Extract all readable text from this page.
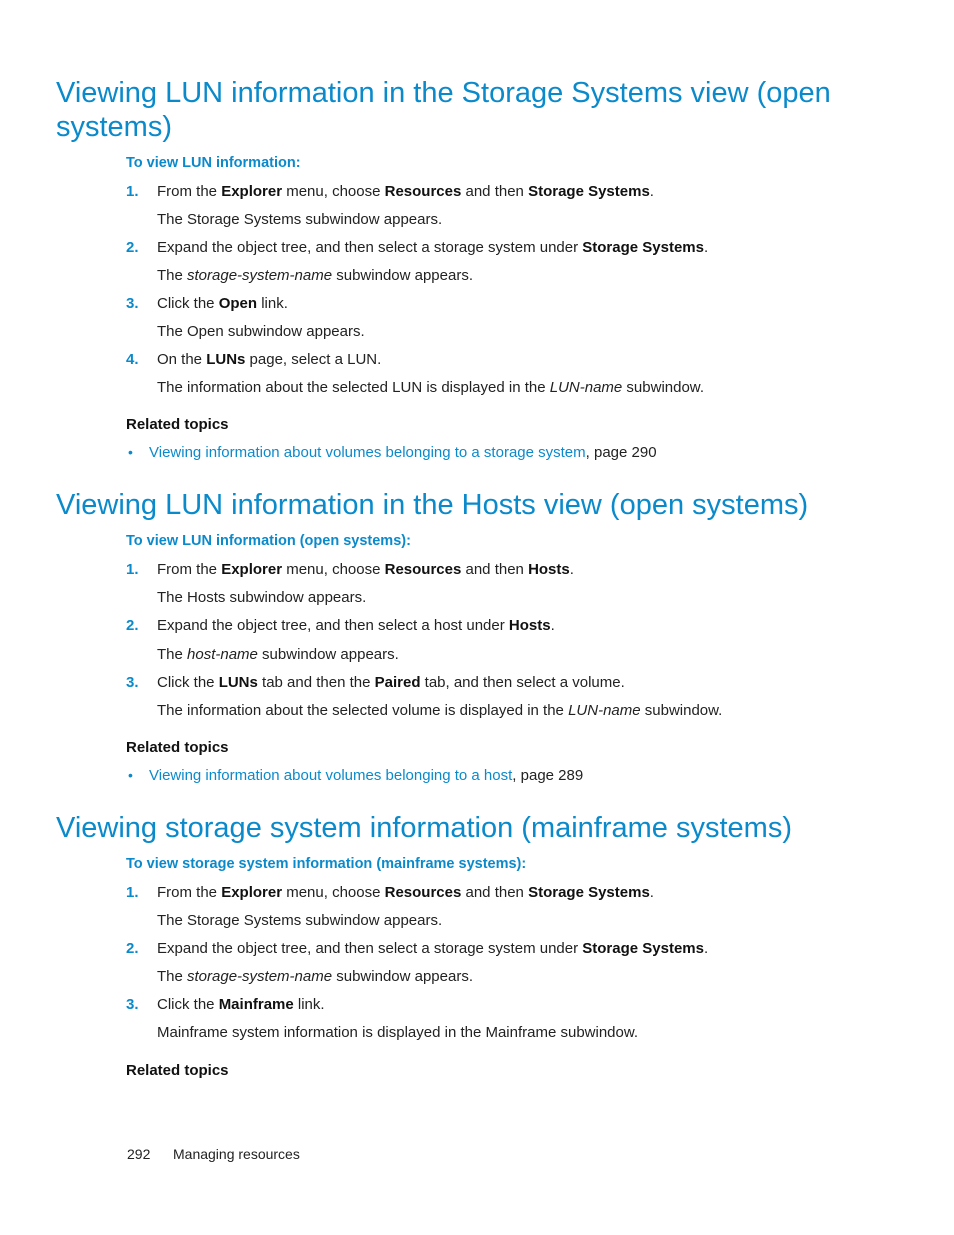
Viewing LUN information in the Storage Systems view (open systems)
To view LUN information:
1. From the Explorer menu, choose Resources and then Storage Systems.
The Storage Systems subwindow appears.
2. Expand the object tree, and then select a storage system under Storage Systems.
The storage-system-name subwindow appears.
3. Click the Open link.
The Open subwindow appears.
4. On the LUNs page, select a LUN.
The information about the selected LUN is displayed in the LUN-name subwindow.
Related topics
• Viewing information about volumes belonging to a storage system, page 290
Viewing LUN information in the Hosts view (open systems)
To view LUN information (open systems):
1. From the Explorer menu, choose Resources and then Hosts.
The Hosts subwindow appears.
2. Expand the object tree, and then select a host under Hosts.
The host-name subwindow appears.
3. Click the LUNs tab and then the Paired tab, and then select a volume.
The information about the selected volume is displayed in the LUN-name subwindow.
Related topics
• Viewing information about volumes belonging to a host, page 289
Viewing storage system information (mainframe systems)
To view storage system information (mainframe systems):
1. From the Explorer menu, choose Resources and then Storage Systems.
The Storage Systems subwindow appears.
2. Expand the object tree, and then select a storage system under Storage Systems.
The storage-system-name subwindow appears.
3. Click the Mainframe link.
Mainframe system information is displayed in the Mainframe subwindow.
Related topics
292 Managing resources
